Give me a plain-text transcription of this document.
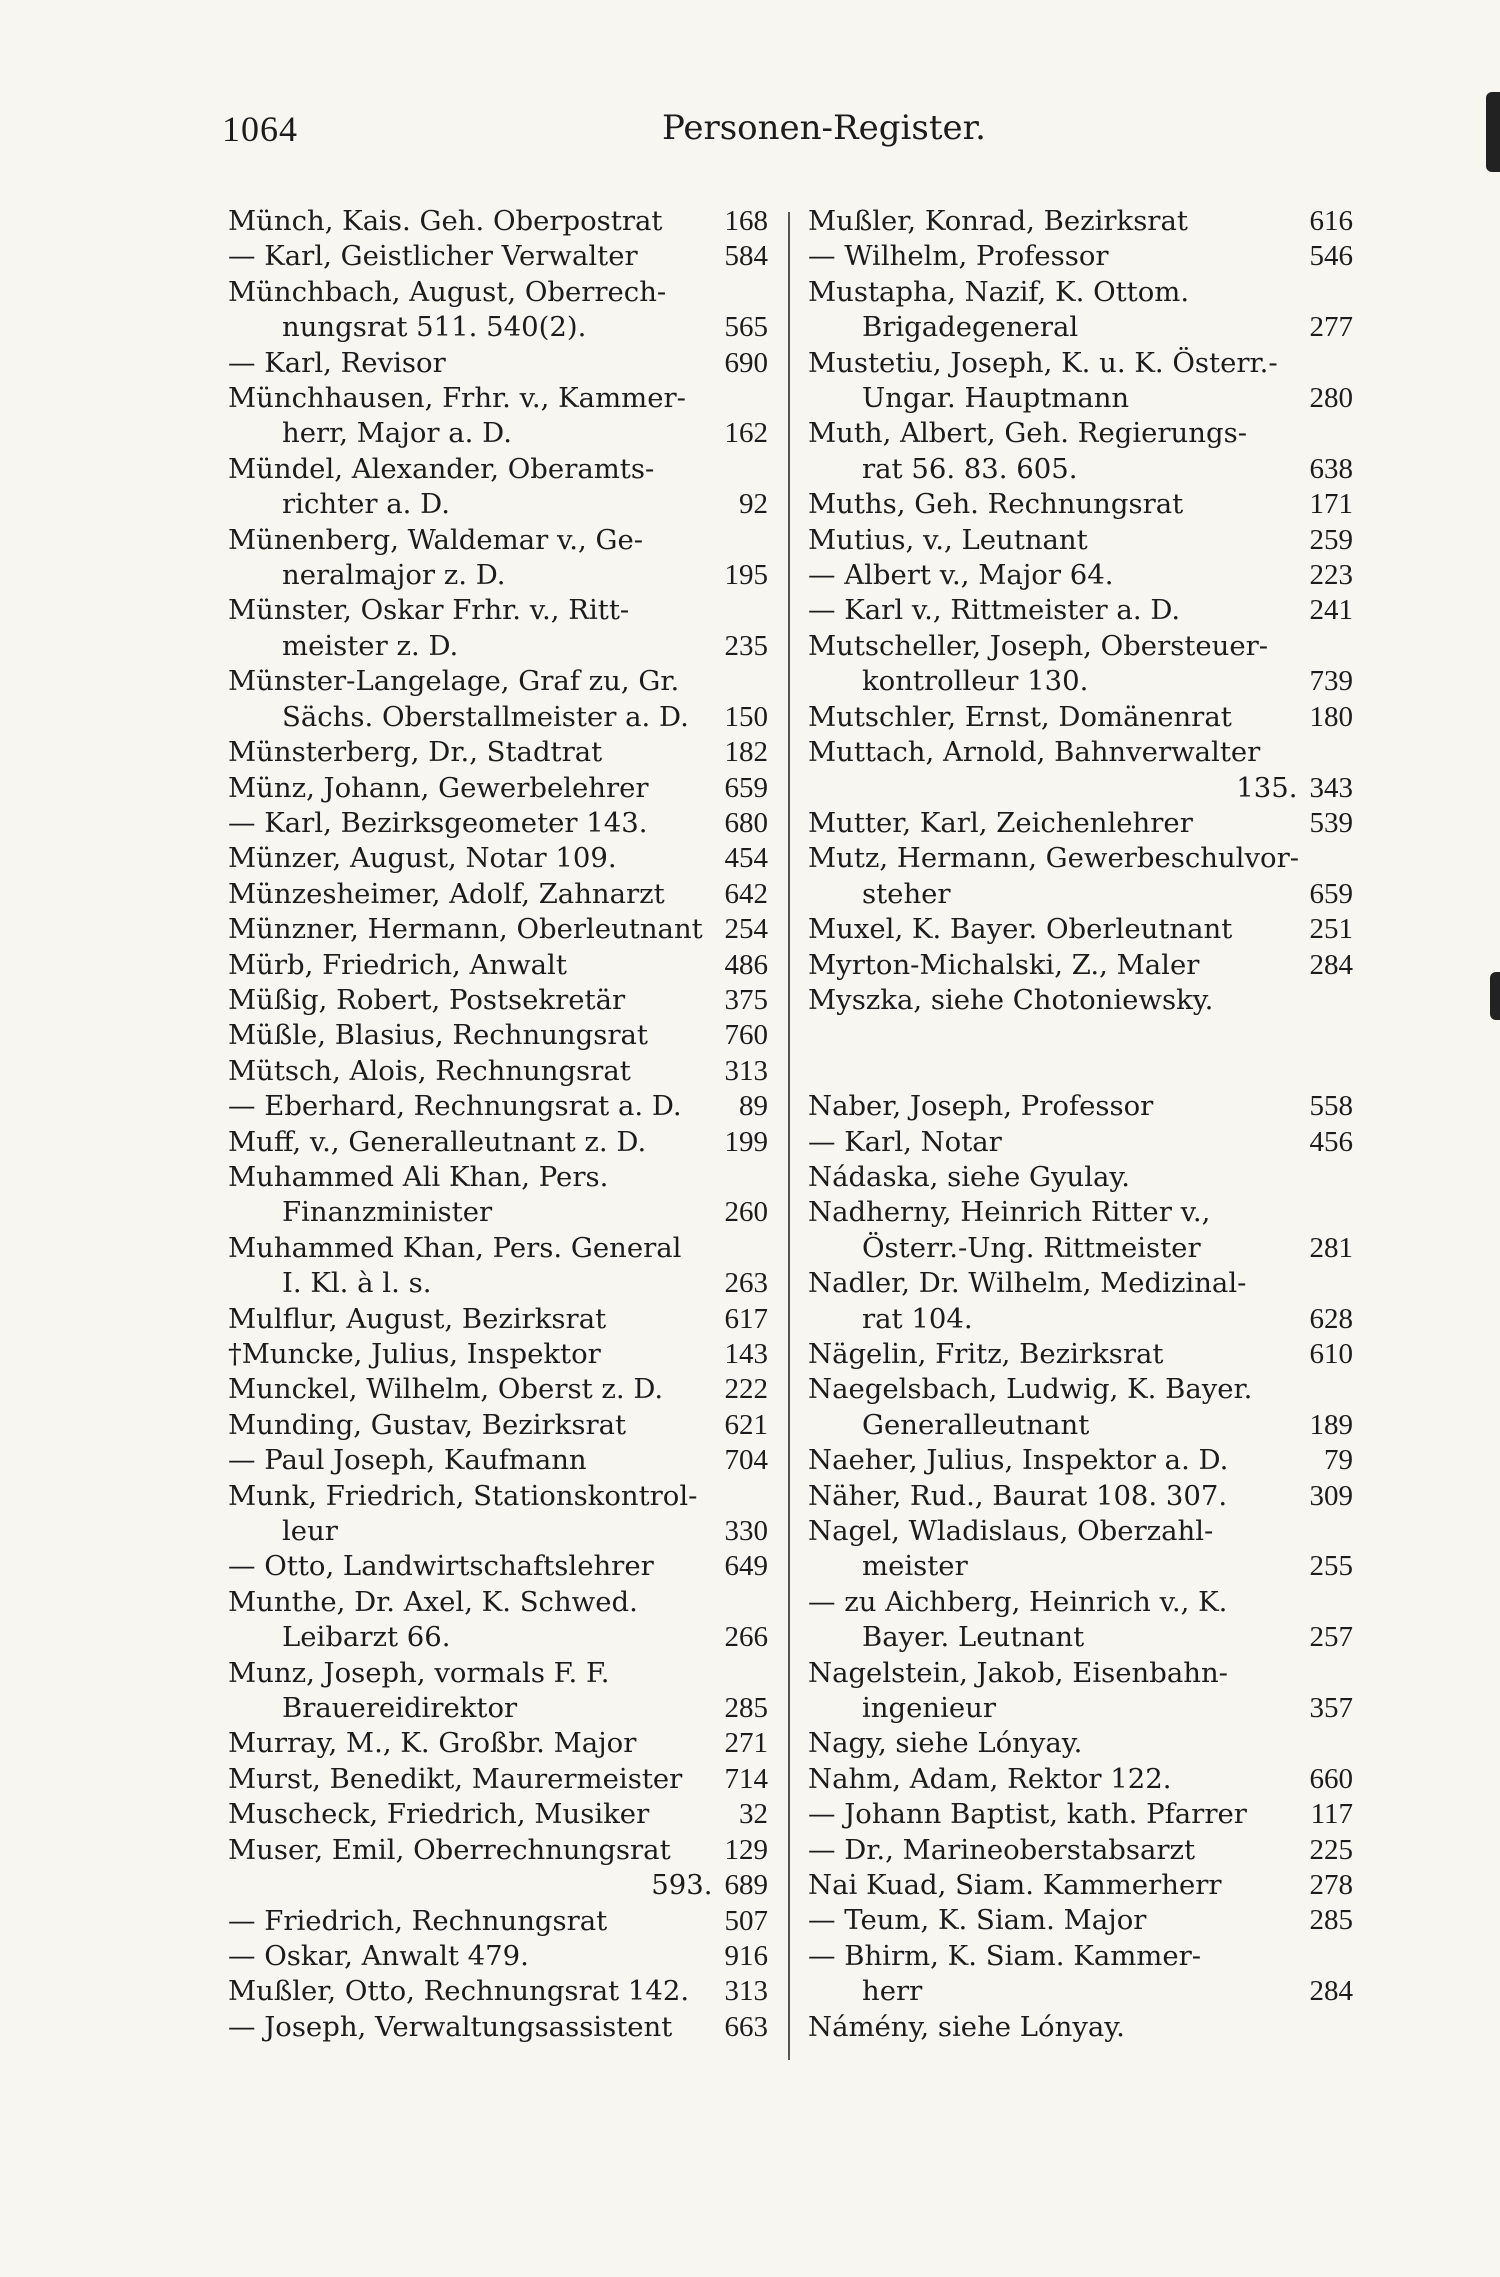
1064	Personen-Register.
Münch, Kais. Geh. Oberpostrat	168
— Karl, Geistlicher Verwalter	584
Münchbach, August, Oberrech-
nungsrat 511. 540(2).	565
— Karl, Revisor	690
Münchhausen, Frhr. v., Kammer-
herr, Major a. D.	162
Mündel, Alexander, Oberamts-
richter a. D.	92
Münenberg, Waldemar v., Ge-
neralmajor z. D.	195
Münster, Oskar Frhr. v., Ritt-
meister z. D.	235
Münster-Langelage, Graf zu, Gr.
Sächs. Oberstallmeister a. D.	150
Münsterberg, Dr., Stadtrat	182
Münz, Johann, Gewerbelehrer	659
— Karl, Bezirksgeometer 143.	680
Münzer, August, Notar 109.	454
Münzesheimer, Adolf, Zahnarzt	642
Münzner, Hermann, Oberleutnant 254
Mürb, Friedrich, Anwalt	486
Müßig, Robert, Postsekretär	375
Müßle, Blasius, Rechnungsrat	760
Mütsch, Alois, Rechnungsrat	313
— Eberhard, Rechnungsrat a. D.	89
Muff, v., Generalleutnant z. D.	199
Muhammed Ali Khan, Pers.
Finanzminister	260
Muhammed Khan, Pers. General
I. Kl. à l. s.	263
Mulflur, August, Bezirksrat	617
†Muncke, Julius, Inspektor	143
Munckel, Wilhelm, Oberst z. D.	222
Munding, Gustav, Bezirksrat	621
— Paul Joseph, Kaufmann	704
Munk, Friedrich, Stationskontrol-
leur	330
— Otto, Landwirtschaftslehrer	649
Munthe, Dr. Axel, K. Schwed.
Leibarzt 66.	266
Munz, Joseph, vormals F. F.
Brauereidirektor	285
Murray, M., K. Großbr. Major	271
Murst, Benedikt, Maurermeister	714
Muscheck, Friedrich, Musiker	32
Muser, Emil, Oberrechnungsrat	129
593. 689
— Friedrich, Rechnungsrat	507
— Oskar, Anwalt 479.	916
Mußler, Otto, Rechnungsrat 142.	313
— Joseph, Verwaltungsassistent	663
Mußler, Konrad, Bezirksrat	616
— Wilhelm, Professor	546
Mustapha, Nazif, K. Ottom.
Brigadegeneral	277
Mustetiu, Joseph, K. u. K. Österr.-
Ungar. Hauptmann	280
Muth, Albert, Geh. Regierungs-
rat 56. 83. 605.	638
Muths, Geh. Rechnungsrat	171
Mutius, v., Leutnant	259
— Albert v., Major 64.	223
— Karl v., Rittmeister a. D.	241
Mutscheller, Joseph, Obersteuer-
kontrolleur 130.	739
Mutschler, Ernst, Domänenrat	180
Muttach, Arnold, Bahnverwalter
135. 343
Mutter, Karl, Zeichenlehrer	539
Mutz, Hermann, Gewerbeschulvor-
steher	659
Muxel, K. Bayer. Oberleutnant	251
Myrton-Michalski, Z., Maler	284
Myszka, siehe Chotoniewsky.
Naber, Joseph, Professor	558
— Karl, Notar	456
Nádaska, siehe Gyulay.
Nadherny, Heinrich Ritter v.,
Österr.-Ung. Rittmeister	281
Nadler, Dr. Wilhelm, Medizinal-
rat 104.	628
Nägelin, Fritz, Bezirksrat	610
Naegelsbach, Ludwig, K. Bayer.
Generalleutnant	189
Naeher, Julius, Inspektor a. D.	79
Näher, Rud., Baurat 108. 307.	309
Nagel, Wladislaus, Oberzahl-
meister	255
— zu Aichberg, Heinrich v., K.
Bayer. Leutnant	257
Nagelstein, Jakob, Eisenbahn-
ingenieur	357
Nagy, siehe Lónyay.
Nahm, Adam, Rektor 122.	660
— Johann Baptist, kath. Pfarrer	117
— Dr., Marineoberstabsarzt	225
Nai Kuad, Siam. Kammerherr	278
— Teum, K. Siam. Major	285
— Bhirm, K. Siam. Kammer-
herr	284
Námény, siehe Lónyay.
